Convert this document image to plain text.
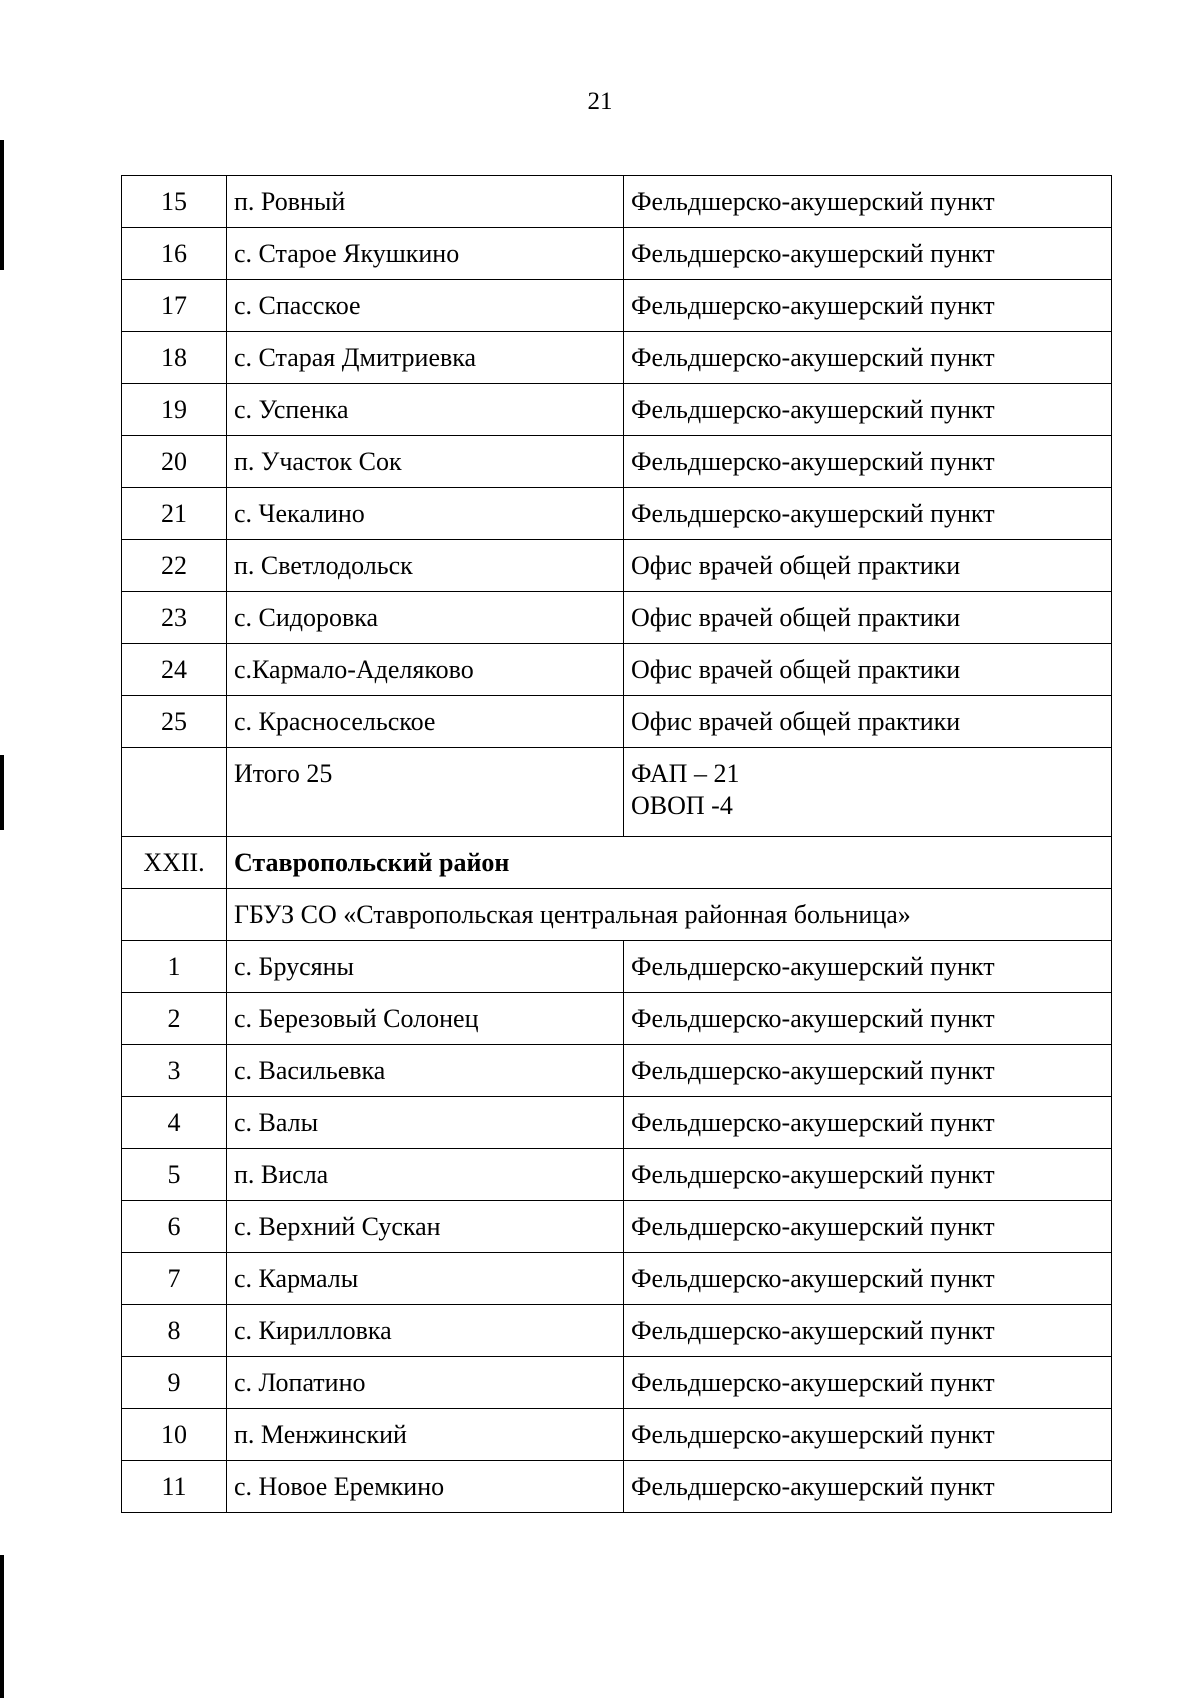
21
15	п. Ровный	Фельдшерско-акушерский пункт
16	с. Старое Якушкино	Фельдшерско-акушерский пункт
17	с. Спасское	Фельдшерско-акушерский пункт
18	с. Старая Дмитриевка	Фельдшерско-акушерский пункт
19	с. Успенка	Фельдшерско-акушерский пункт
20	п. Участок Сок	Фельдшерско-акушерский пункт
21	с. Чекалино	Фельдшерско-акушерский пункт
22	п. Светлодольск	Офис врачей общей практики
23	с. Сидоровка	Офис врачей общей практики
24	с.Кармало-Аделяково	Офис врачей общей практики
25	с. Красносельское	Офис врачей общей практики
	Итого 25	ФАП – 21
ОВОП -4

XXII.	Ставропольский район	
	ГБУЗ СО «Ставропольская центральная районная больница»	
1	с. Брусяны	Фельдшерско-акушерский пункт
2	с. Березовый Солонец	Фельдшерско-акушерский пункт
3	с. Васильевка	Фельдшерско-акушерский пункт
4	с. Валы	Фельдшерско-акушерский пункт
5	п. Висла	Фельдшерско-акушерский пункт
6	с. Верхний Сускан	Фельдшерско-акушерский пункт
7	с. Кармалы	Фельдшерско-акушерский пункт
8	с. Кирилловка	Фельдшерско-акушерский пункт
9	с. Лопатино	Фельдшерско-акушерский пункт
10	п. Менжинский	Фельдшерско-акушерский пункт
11	с. Новое Еремкино	Фельдшерско-акушерский пункт
